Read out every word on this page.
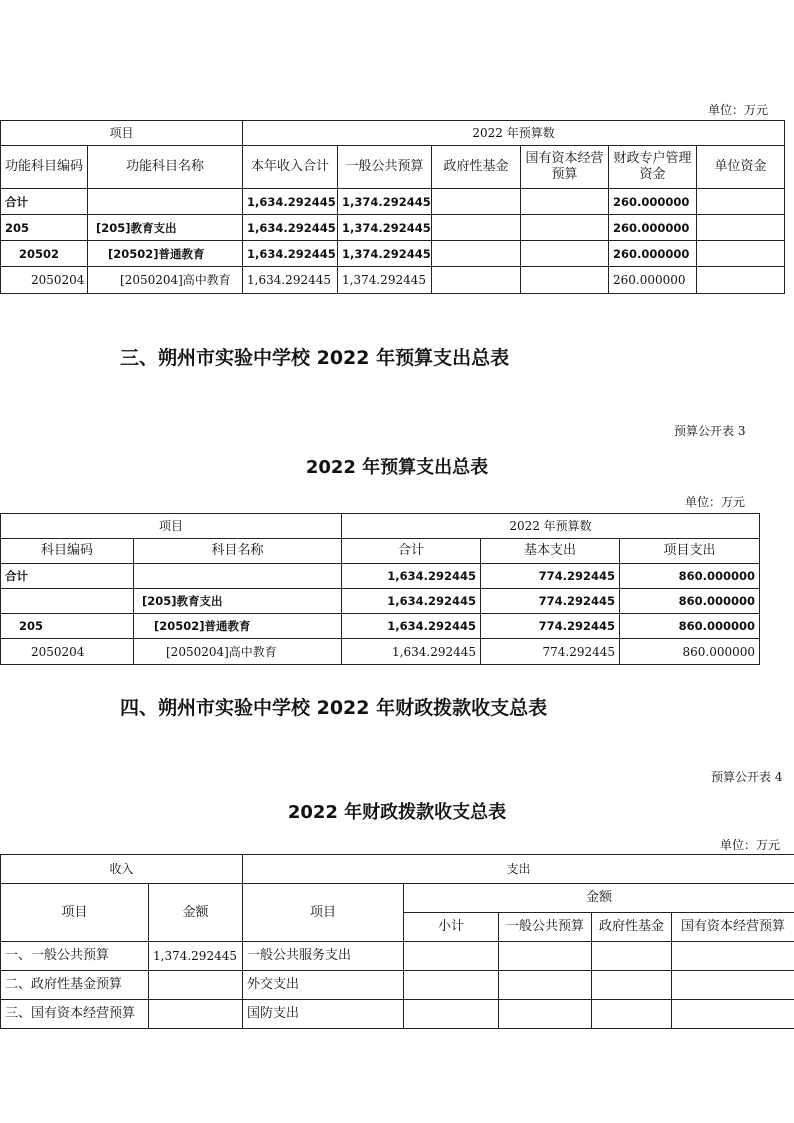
单位：万元
项目		2022 年预算数					
功能科目编码	功能科目名称	本年收入合计	一般公共预算	政府性基金	国有资本经营预算	财政专户管理资金	单位资金
合计		1,634.292445	1,374.292445			260.000000	
205	[205]教育支出	1,634.292445	1,374.292445			260.000000	
20502	[20502]普通教育	1,634.292445	1,374.292445			260.000000	
2050204	[2050204]高中教育	1,634.292445	1,374.292445			260.000000	
三、朔州市实验中学校 2022 年预算支出总表
预算公开表 3
2022 年预算支出总表
单位：万元
项目		2022 年预算数		
科目编码	科目名称	合计	基本支出	项目支出
合计		1,634.292445	774.292445	860.000000
	[205]教育支出	1,634.292445	774.292445	860.000000
205	[20502]普通教育	1,634.292445	774.292445	860.000000
2050204	[2050204]高中教育	1,634.292445	774.292445	860.000000
四、朔州市实验中学校 2022 年财政拨款收支总表
预算公开表 4
2022 年财政拨款收支总表
单位：万元
收入		支出				
项目	金额	项目	金额			
			小计	一般公共预算	政府性基金	国有资本经营预算
一、一般公共预算	1,374.292445	一般公共服务支出				
二、政府性基金预算		外交支出				
三、国有资本经营预算		国防支出				
